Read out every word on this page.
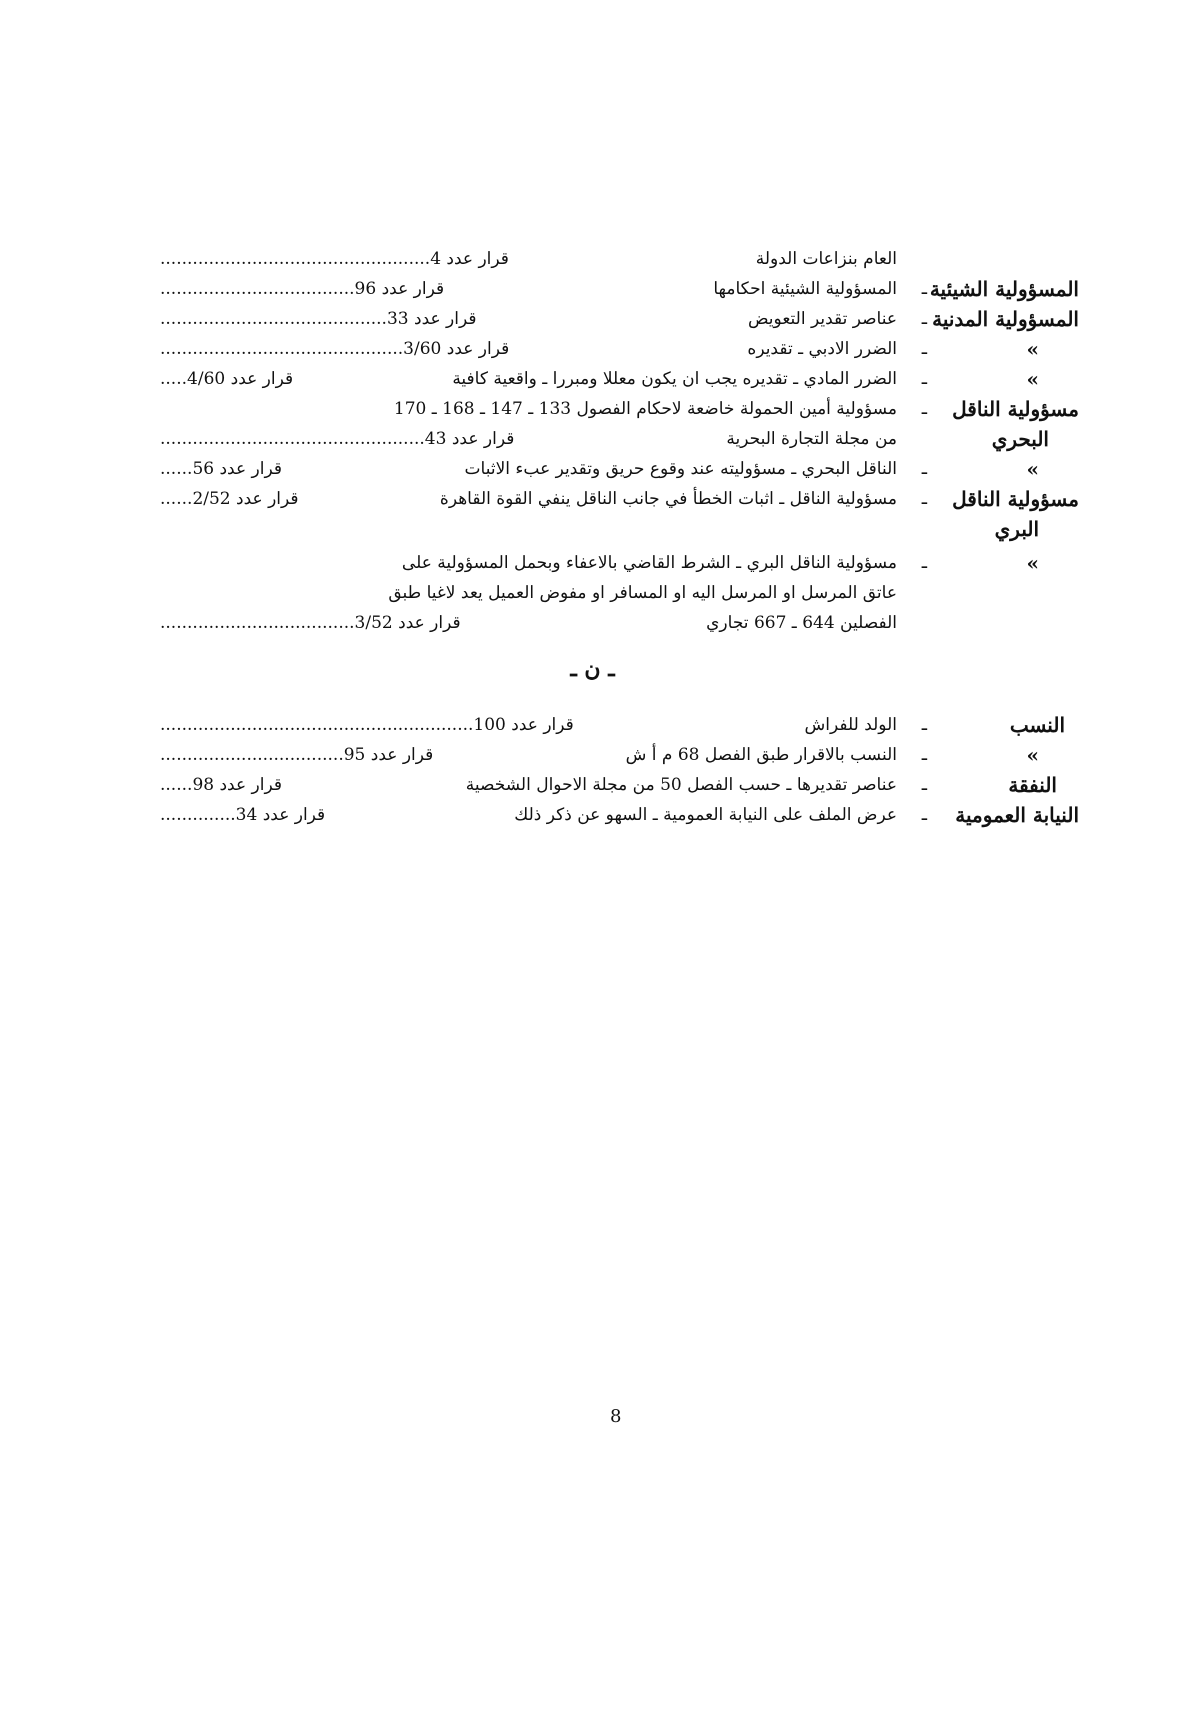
العام بنزاعات الدولة
قرار عدد 4..................................................
المسؤولية الشيئية
ـ
المسؤولية الشيئية احكامها
قرار عدد 96....................................
المسؤولية المدنية
ـ
عناصر تقدير التعويض
قرار عدد 33..........................................
»
ـ
الضرر الادبي ـ تقديره
قرار عدد 3/60.............................................
»
ـ
الضرر المادي ـ تقديره يجب ان يكون معللا ومبررا ـ واقعية كافية
قرار عدد 4/60.....
مسؤولية الناقل
ـ
مسؤولية أمين الحمولة خاضعة لاحكام الفصول 133 ـ 147 ـ 168 ـ 170
البحري
من مجلة التجارة البحرية
قرار عدد 43.................................................
»
ـ
الناقل البحري ـ مسؤوليته عند وقوع حريق وتقدير عبء الاثبات
قرار عدد 56......
مسؤولية الناقل
ـ
مسؤولية الناقل ـ اثبات الخطأ في جانب الناقل ينفي القوة القاهرة
قرار عدد 2/52......
البري
»
ـ
مسؤولية الناقل البري ـ الشرط القاضي بالاعفاء وبحمل المسؤولية على
عاتق المرسل او المرسل اليه او المسافر او مفوض العميل يعد لاغيا طبق
الفصلين 644 ـ 667 تجاري
قرار عدد 3/52....................................
ـ ن ـ
النسب
ـ
الولد للفراش
قرار عدد 100..........................................................
»
ـ
النسب بالاقرار طبق الفصل 68 م أ ش
قرار عدد 95..................................
النفقة
ـ
عناصر تقديرها ـ حسب الفصل 50 من مجلة الاحوال الشخصية
قرار عدد 98......
النيابة العمومية
ـ
عرض الملف على النيابة العمومية ـ السهو عن ذكر ذلك
قرار عدد 34..............
8
